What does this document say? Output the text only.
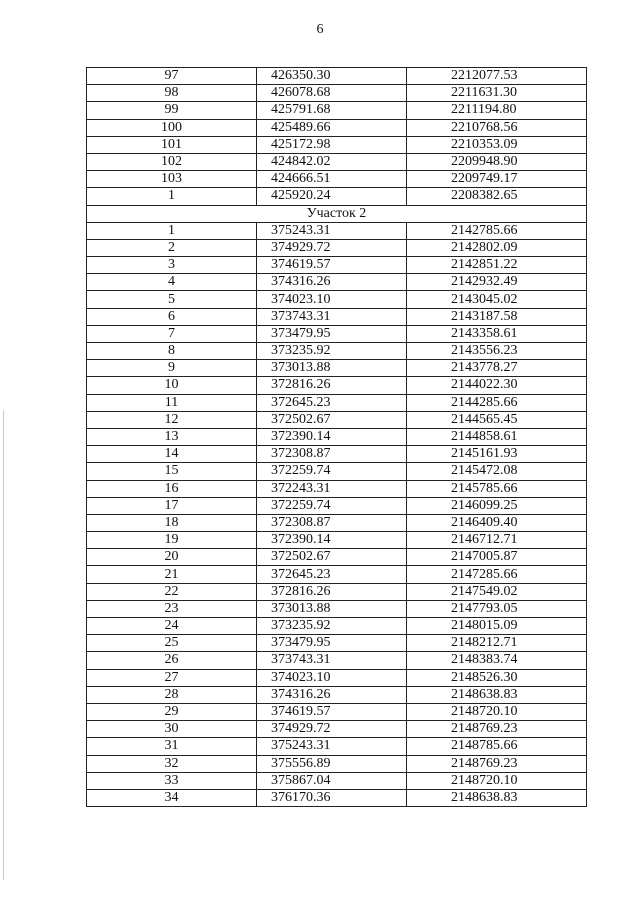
6
97	426350.30	2212077.53
98	426078.68	2211631.30
99	425791.68	2211194.80
100	425489.66	2210768.56
101	425172.98	2210353.09
102	424842.02	2209948.90
103	424666.51	2209749.17
1	425920.24	2208382.65
Участок 2		
1	375243.31	2142785.66
2	374929.72	2142802.09
3	374619.57	2142851.22
4	374316.26	2142932.49
5	374023.10	2143045.02
6	373743.31	2143187.58
7	373479.95	2143358.61
8	373235.92	2143556.23
9	373013.88	2143778.27
10	372816.26	2144022.30
11	372645.23	2144285.66
12	372502.67	2144565.45
13	372390.14	2144858.61
14	372308.87	2145161.93
15	372259.74	2145472.08
16	372243.31	2145785.66
17	372259.74	2146099.25
18	372308.87	2146409.40
19	372390.14	2146712.71
20	372502.67	2147005.87
21	372645.23	2147285.66
22	372816.26	2147549.02
23	373013.88	2147793.05
24	373235.92	2148015.09
25	373479.95	2148212.71
26	373743.31	2148383.74
27	374023.10	2148526.30
28	374316.26	2148638.83
29	374619.57	2148720.10
30	374929.72	2148769.23
31	375243.31	2148785.66
32	375556.89	2148769.23
33	375867.04	2148720.10
34	376170.36	2148638.83
